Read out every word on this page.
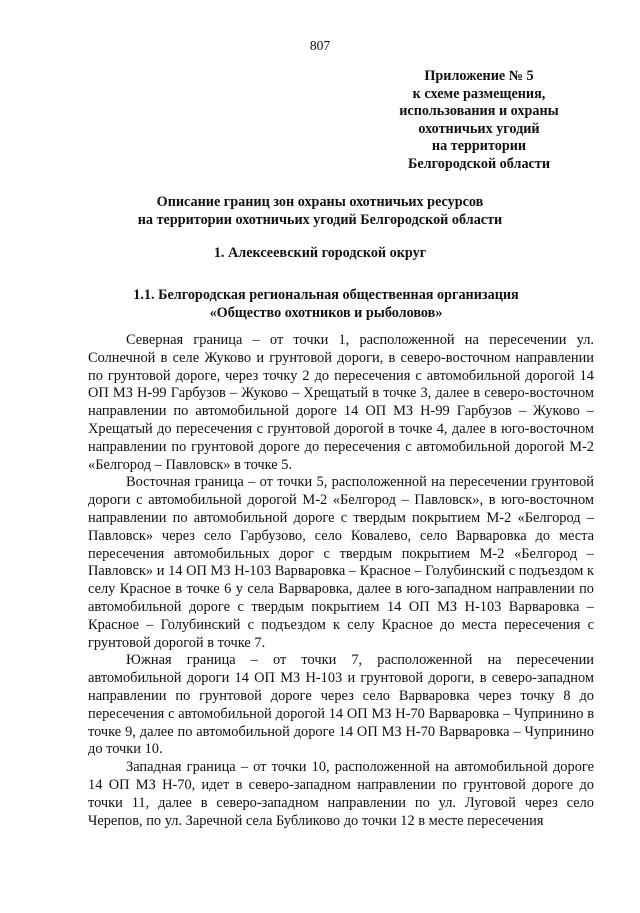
807
Приложение № 5
к схеме размещения,
использования и охраны
охотничьих угодий
на территории
Белгородской области
Описание границ зон охраны охотничьих ресурсов
на территории охотничьих угодий Белгородской области
1. Алексеевский городской округ
1.1. Белгородская региональная общественная организация
«Общество охотников и рыболовов»

Северная граница – от точки 1, расположенной на пересечении ул. Солнечной в селе Жуково и грунтовой дороги, в северо-восточном направлении по грунтовой дороге, через точку 2 до пересечения с автомобильной дорогой 14 ОП МЗ Н-99 Гарбузов – Жуково – Хрещатый в точке 3, далее в северо-восточном направлении по автомобильной дороге 14 ОП МЗ Н-99 Гарбузов – Жуково – Хрещатый до пересечения с грунтовой дорогой в точке 4, далее в юго-восточном направлении по грунтовой дороге до пересечения с автомобильной дорогой М-2 «Белгород – Павловск» в точке 5.

Восточная граница – от точки 5, расположенной на пересечении грунтовой дороги с автомобильной дорогой М-2 «Белгород – Павловск», в юго-восточном направлении по автомобильной дороге с твердым покрытием М-2 «Белгород – Павловск» через село Гарбузово, село Ковалево, село Варваровка до места пересечения автомобильных дорог с твердым покрытием М-2 «Белгород – Павловск» и 14 ОП МЗ Н-103 Варваровка – Красное – Голубинский с подъездом к селу Красное в точке 6 у села Варваровка, далее в юго-западном направлении по автомобильной дороге с твердым покрытием 14 ОП МЗ Н-103 Варваровка – Красное – Голубинский с подъездом к селу Красное до места пересечения с грунтовой дорогой в точке 7.

Южная граница – от точки 7, расположенной на пересечении автомобильной дороги 14 ОП МЗ Н-103 и грунтовой дороги, в северо-западном направлении по грунтовой дороге через село Варваровка через точку 8 до пересечения с автомобильной дорогой 14 ОП МЗ Н-70 Варваровка – Чупринино в точке 9, далее по автомобильной дороге 14 ОП МЗ Н-70 Варваровка – Чупринино до точки 10.

Западная граница – от точки 10, расположенной на автомобильной дороге 14 ОП МЗ Н-70, идет в северо-западном направлении по грунтовой дороге до точки 11, далее в северо-западном направлении по ул. Луговой через село Черепов, по ул. Заречной села Бубликово до точки 12 в месте пересечения
